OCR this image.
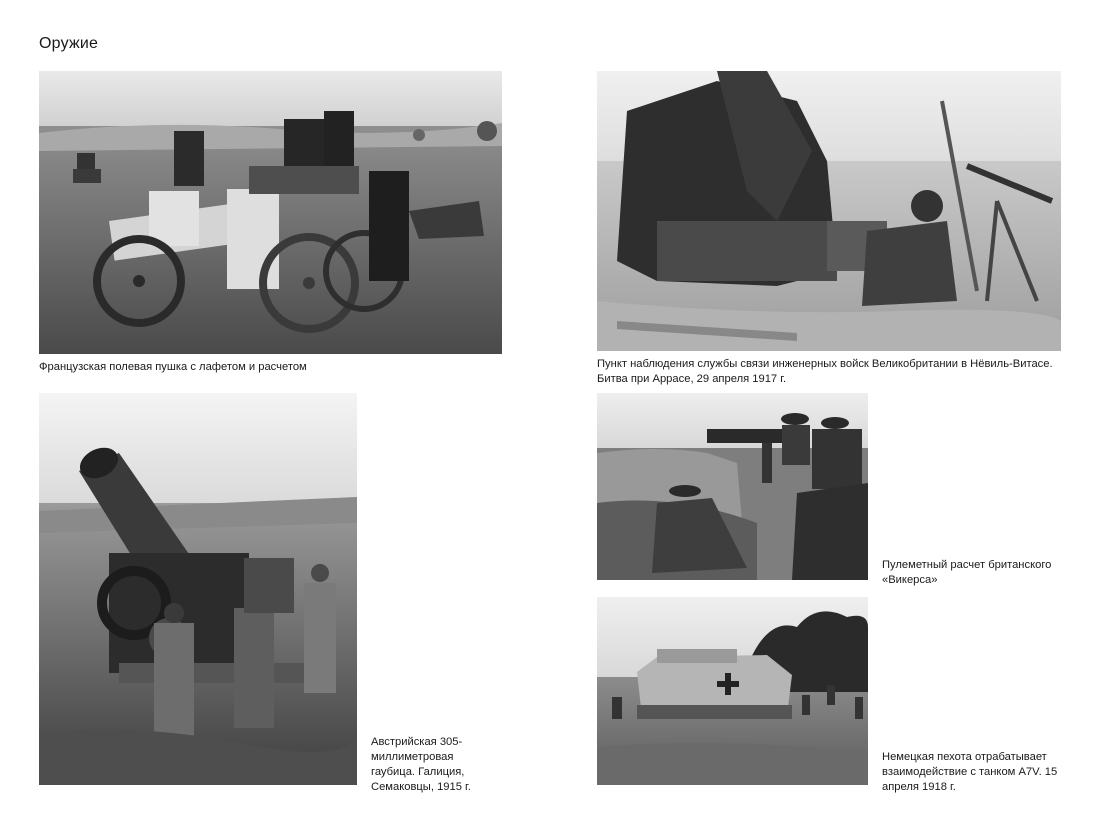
Оружие
Французская полевая пушка с лафетом и расчетом	Пункт наблюдения службы связи инженерных войск Великобритании в Нёвиль-Витасе. Битва при Аррасе, 29 апреля 1917 г.
Австрийская 305-миллиметровая гаубица. Галиция, Семаковцы, 1915 г.
Пулеметный расчет британского «Викерса»
Немецкая пехота отрабатывает взаимодействие с танком A7V. 15 апреля 1918 г.
